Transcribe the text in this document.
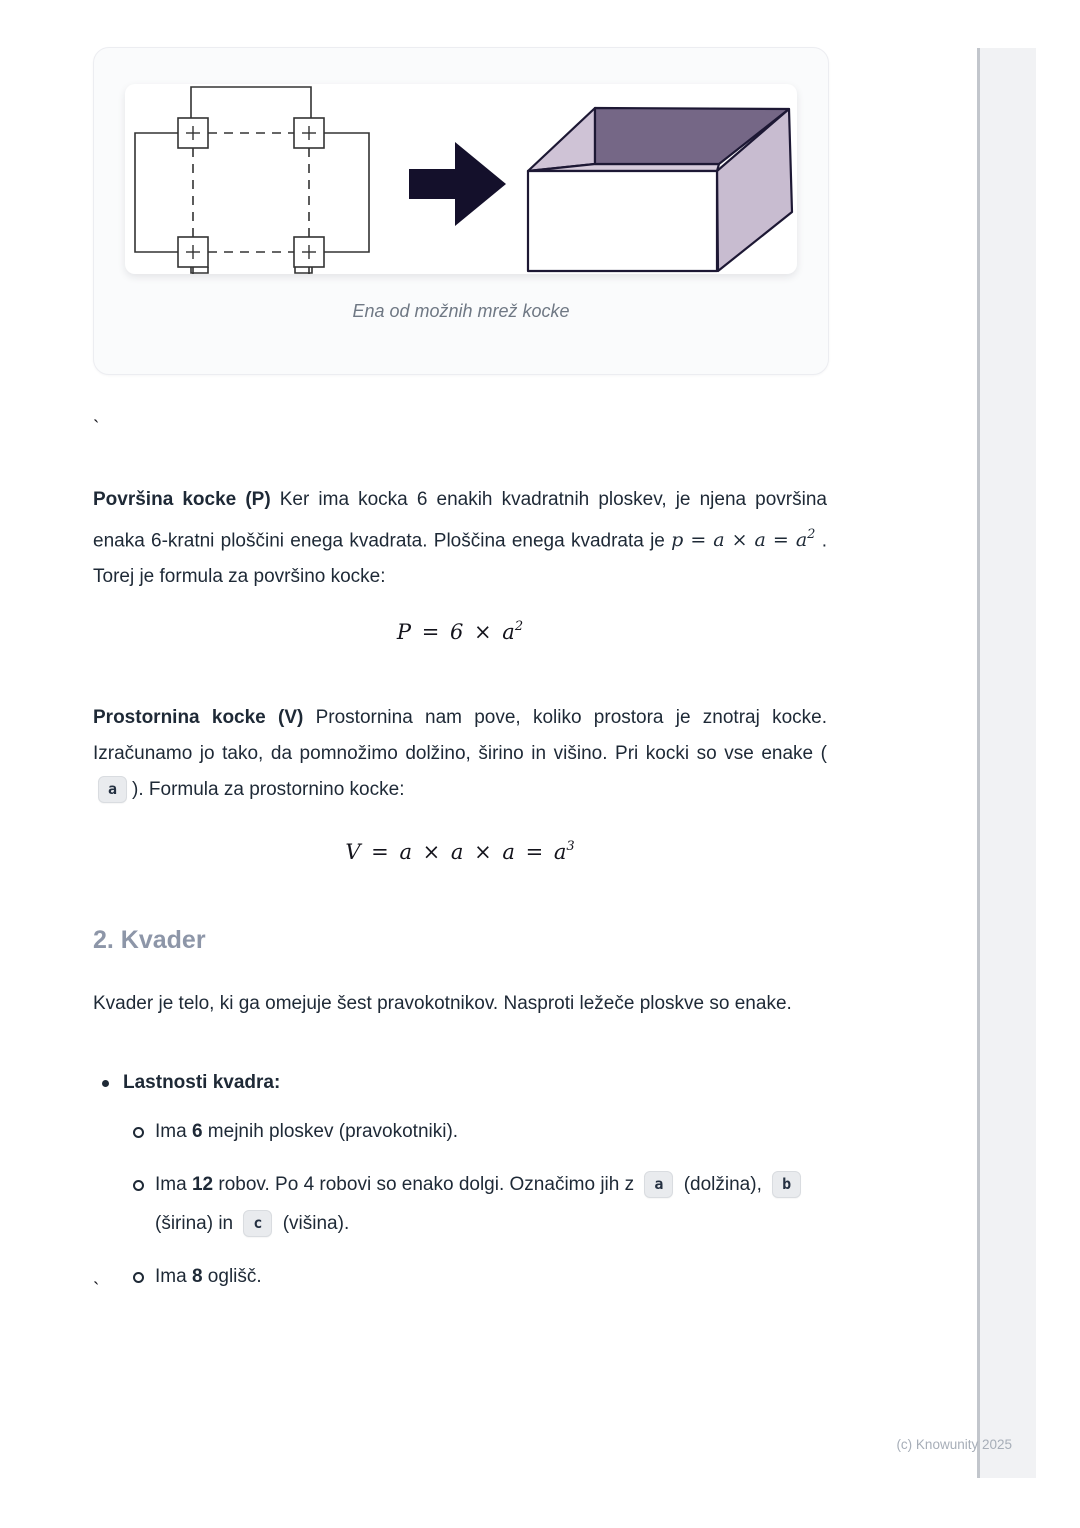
Ena od možnih mrež kocke
`

Površina kocke (P) Ker ima kocka 6 enakih kvadratnih ploskev, je njena površina enaka 6-kratni ploščini enega kvadrata. Ploščina enega kvadrata je $p = a \times a = a^2$ . Torej je formula za površino kocke:

$P = 6 \times a^2$

Prostornina kocke (V) Prostornina nam pove, koliko prostora je znotraj kocke. Izračunamo jo tako, da pomnožimo dolžino, širino in višino. Pri kocki so vse enake (a ). Formula za prostornino kocke:

$V = a \times a \times a = a^3$
2. Kvader

Kvader je telo, ki ga omejuje šest pravokotnikov. Nasproti ležeče ploskve so enake.

Lastnosti kvadra:
Ima 6 mejnih ploskev (pravokotniki).
Ima 12 robov. Po 4 robovi so enako dolgi. Označimo jih z a (dolžina), b (širina) in c (višina).
Ima 8 oglišč.
`
(c) Knowunity 2025
